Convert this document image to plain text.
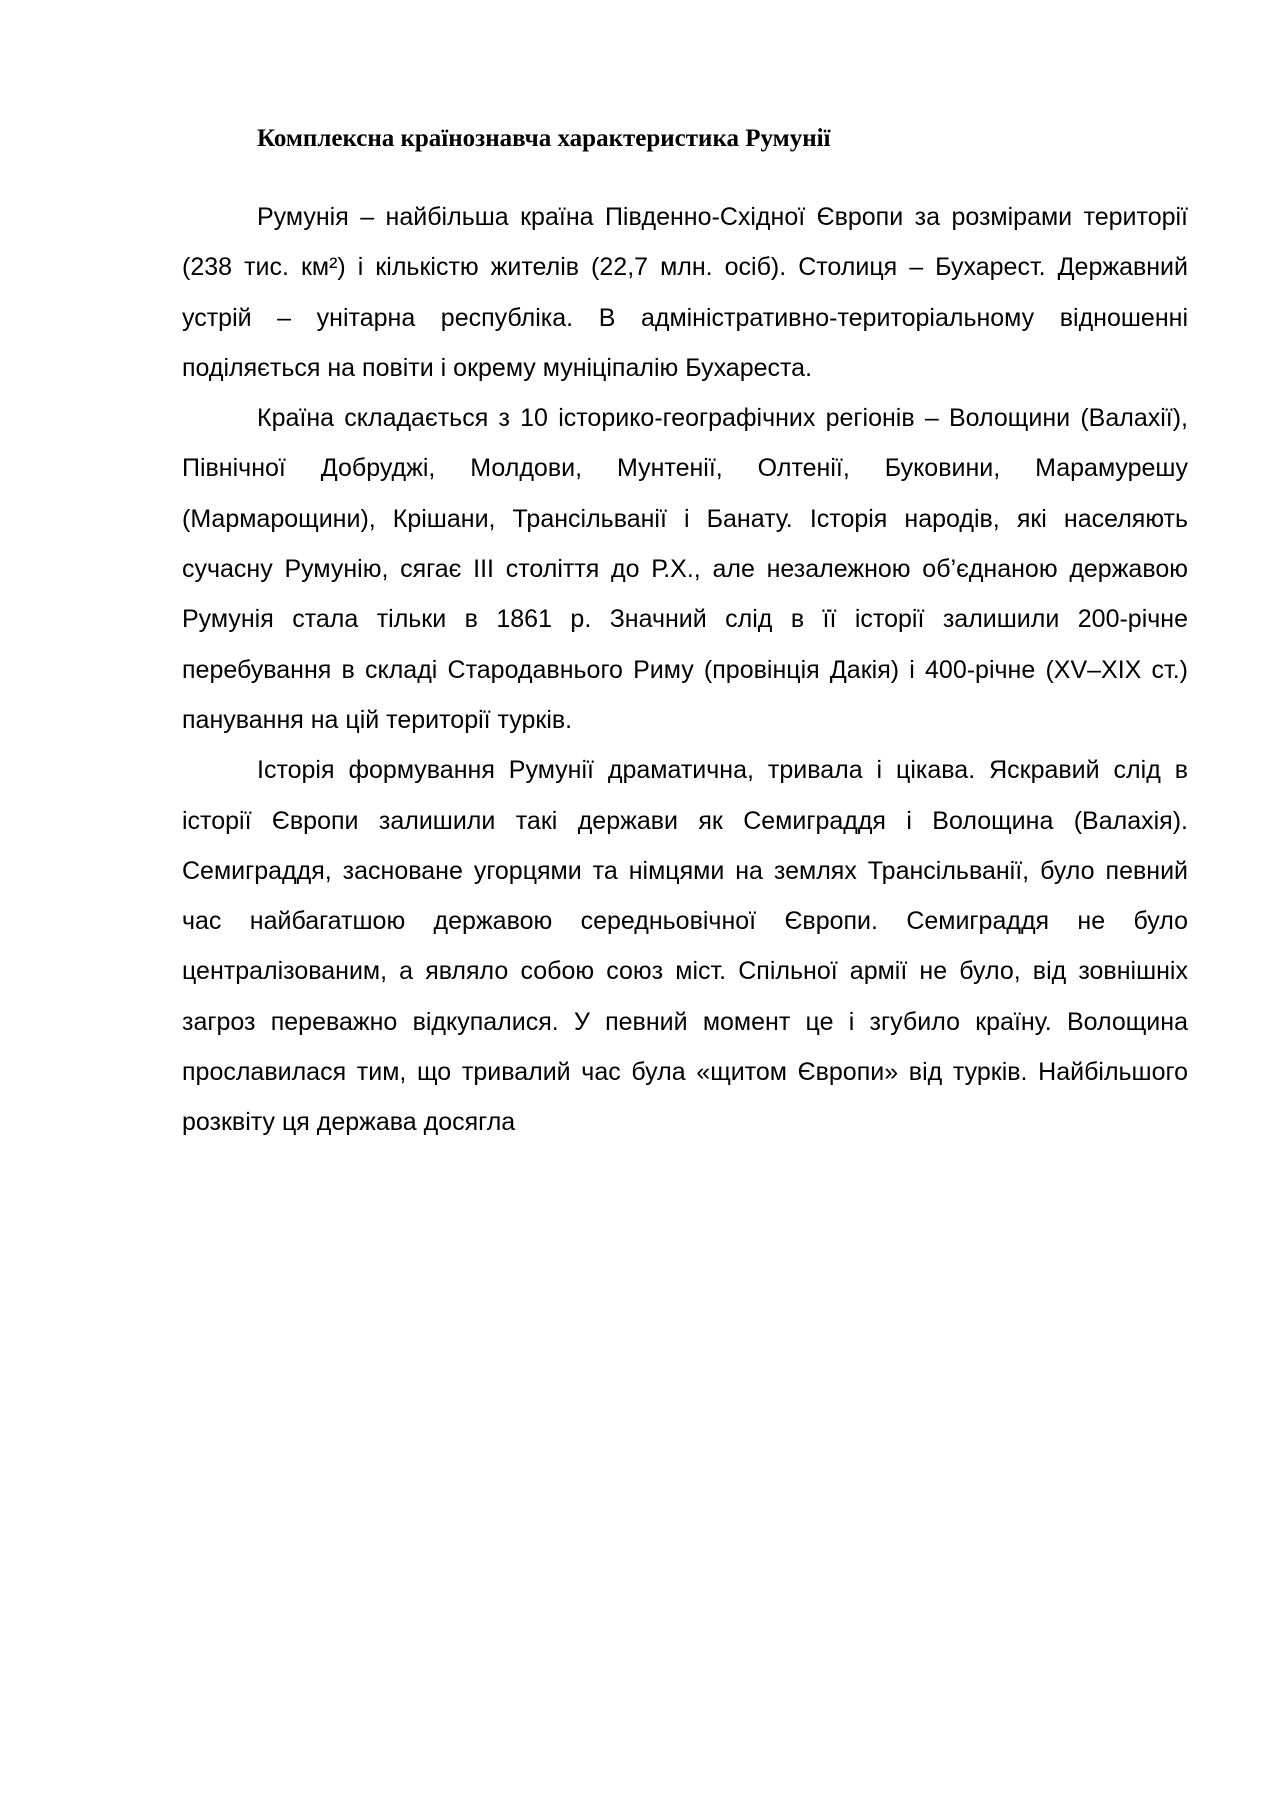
Комплексна країнознавча характеристика Румунії

Румунія – найбільша країна Південно-Східної Європи за розмірами території (238 тис. км²) і кількістю жителів (22,7 млн. осіб). Столиця – Бухарест. Державний устрій – унітарна республіка. В адміністративно-територіальному відношенні поділяється на повіти і окрему муніціпалію Бухареста.

Країна складається з 10 історико-географічних регіонів – Волощини (Валахії), Північної Добруджі, Молдови, Мунтенії, Олтенії, Буковини, Марамурешу (Мармарощини), Крішани, Трансільванії і Банату. Історія народів, які населяють сучасну Румунію, сягає ІІІ століття до Р.Х., але незалежною об’єднаною державою Румунія стала тільки в 1861 р. Значний слід в її історії залишили 200-річне перебування в складі Стародавнього Риму (провінція Дакія) і 400-річне (XV–XIX ст.) панування на цій території турків.

Історія формування Румунії драматична, тривала і цікава. Яскравий слід в історії Європи залишили такі держави як Семиграддя і Волощина (Валахія). Семиграддя, засноване угорцями та німцями на землях Трансільванії, було певний час найбагатшою державою середньовічної Європи. Семиграддя не було централізованим, а являло собою союз міст. Спільної армії не було, від зовнішніх загроз переважно відкупалися. У певний момент це і згубило країну. Волощина прославилася тим, що тривалий час була «щитом Європи» від турків. Найбільшого розквіту ця держава досягла
